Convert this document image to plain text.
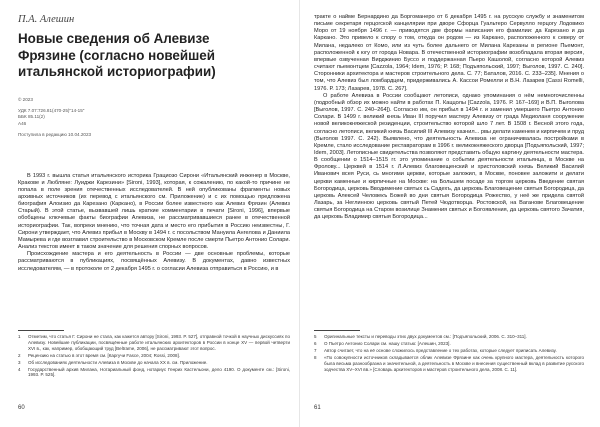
П.А. Алешин
Новые сведения об Алевизе
Фрязине (согласно новейшей
итальянской историографии)
© 2023
УДК 7.07:726.81(470-25)"14-15"
ББК 85.11(2)
А46
Поступила в редакцию 10.04.2023

В 1993 г. вышла статья итальянского историка Грациозо Сирони «Итальянский инженер в Москве, Кракове и Любляне: Луиджи Карезини» [Sironi, 1993], которая, к сожалению, по какой-то причине не попала в поле зрения отечественных исследователей. В ней опубликованы фрагменты новых архивных источников (их перевод с итальянского см. Приложение) и с их помощью предложена биография Алоизио да Карезано (Каркано), в России более известного как Алевиз Фрязин (Алевиз Старый). В этой статье, вызвавшей лишь краткие комментарии в печати [Sironi, 1996], впервые обобщены ключевые факты биографии Алевиза, не рассматривавшиеся ранее в отечественной историографии. Так, вопреки мнению, что точная дата и место его прибытия в Россию неизвестны, Г. Сирони утверждает, что Алевиз прибыл в Москву в 1494 г. с посольством Мануила Ангелова и Даниила Мамырева и где возглавил строительство в Московском Кремле после смерти Пьетро Антонио Солари. Анализ текстов имеет в таком значение для решения спорных вопросов.

Происхождение мастера и его деятельность в России — две основные проблемы, которые рассматриваются в публикациях, посвящённых Алевизу. В документах, давно известных исследователям, — в протоколе от 2 декабря 1495 г. о согласии Алевиза отправиться в Россию, и в

1	Отметим, что статья Г. Сирони не стала, как кажется автору [Sironi, 1993. P. 527], отправной точкой в научных дискуссиях по Алевизу. Новейшие публикации, посвящённые работе итальянских архитекторов в России в конце XV — первой четверти XVI в., как, например, обобщающий труд [Beltrame, 2006], не рассматривают этот вопрос.
2	Рецензию на статью в этот время см. [Каргучи Fasce, 2004; Rossi, 2008].
3	Об исследованиях деятельности Алевиза в Москве до начала XX в. см. Приложение.
4	Государственный архив Милана, Нотариальный фонд, нотариус Генрих Кастельони, дело 4190. О документе см.: [Sironi, 1993. P. 525].
60

тракте о найме Бернардино да Боргоманеро от 6 декабря 1495 г. на русскую службу и знаменитом письме секретаря герцогской канцелярии при дворе Сфорца Гуальтеро Сервулло герцогу Лодовико Моро от 19 ноября 1496 г. — приводятся две формы написания его фамилии: да Карезано и да Каркано. Это привело к спору о том, откуда он родом — из Каркано, расположенного к северу от Милана, недалеко от Комо, или из чуть более дальнего от Милана Карезаны в регионе Пьемонт, расположенной к югу от города Новара. В отечественной историографии возобладала вторая версия, впервые озвученная Вирджинио Буссо и поддержанная Пьеро Кашолой, согласно которой Алевиз считают пьемонтцем [Cazzola, 1964; Idem, 1976; Р. 168; Подъяпольский, 1997; Выголов, 1997. С. 240]. Сторонники архитектора и мастеров строительного дела. С. 77; Баталов, 2016. С. 233–235]. Мнения о том, что Алевиз был ломбардцем, придерживались А. Кассои Ромелли и В.Н. Лазарев [Cassi Romelli, 1976. Р. 173; Лазарев, 1978. С. 267].

О работе Алевиза в России сообщают летописи, однако упоминания о нём немногочисленны (подробный обзор их можно найти в работах П. Каццолы [Cazzola, 1976. Р. 167–169] и В.П. Выголова [Выголов, 1997. С. 240–264]). Согласно им, он прибыл в 1494 г. и заменил умершего Пьетро Антонио Солари. В 1499 г. великий князь Иван III поручил мастеру Алевизу от града Медиоланя сооружение новой великокняжеской резиденции, строительство которой шло 7 лет. В 1508 г. Весной этого года, согласно летописи, великий князь Василий III Алевизу казнил... рвы делати каменем и кирпичем и пруд (Выголов 1997. С. 242). Выявлено, что деятельность Алевиза не ограничивалась постройками в Кремле, стало исследование реставраторам в 1996 г. великокняжеского дворца [Подъяпольский, 1997; Idem, 2003]. Летописные свидетельства позволяют представить общую картину деятельности мастера. В сообщении о 1514–1515 гг. это упоминание о событии деятельности итальянца, в Москве на Фролову... Церквей в 1514 г. Л.Алевиз благовещенский и христоловский князь Великий Василий Иванович всея Руси, сь многими церкви, которые заложил, в Москве, поновее заложити и делати церкви каменные и кирпичные на Москве: на Большем посаде за торгом церковь Введение святая Богородица, церковь Вводимение святых сь Садехъ, да церковь Благовещение святыя Богородица, да церковь Алексей Человекъ Божей во дни святыя Богородица Рожество, у неё же придела святой Лазарь, за Неглинною церковь святый Петей Чюдотворца. Ростовской, на Ваганове Благовещение святыя Богородица на Старом возилице Знамения святых и Богоявления, да церковь святого Зачатия, да церковь Владимир святыя Богородица...

5	Оригинальные тексты и переводы этих двух документов см.: [Подъяпольский, 2006. С. 310–311].
6	О Пьетро Антонио Солари см. нашу статью: [Алешин, 2023].
7	Автор считает, что на её основе сложилось представление о тех работах, которые следует приписать Алевизу.
8	«По совокупности источников складывается облик Алевизе Фрязине как очень крупного мастера, деятельность которого была весьма разнообразна и значительной, а деятельность в Москве и внесения существенный вклад в развитие русского зодчества XV–XVI вв.» [Cловарь архитекторов и мастеров строительного дела, 2008. С. 11].
61
